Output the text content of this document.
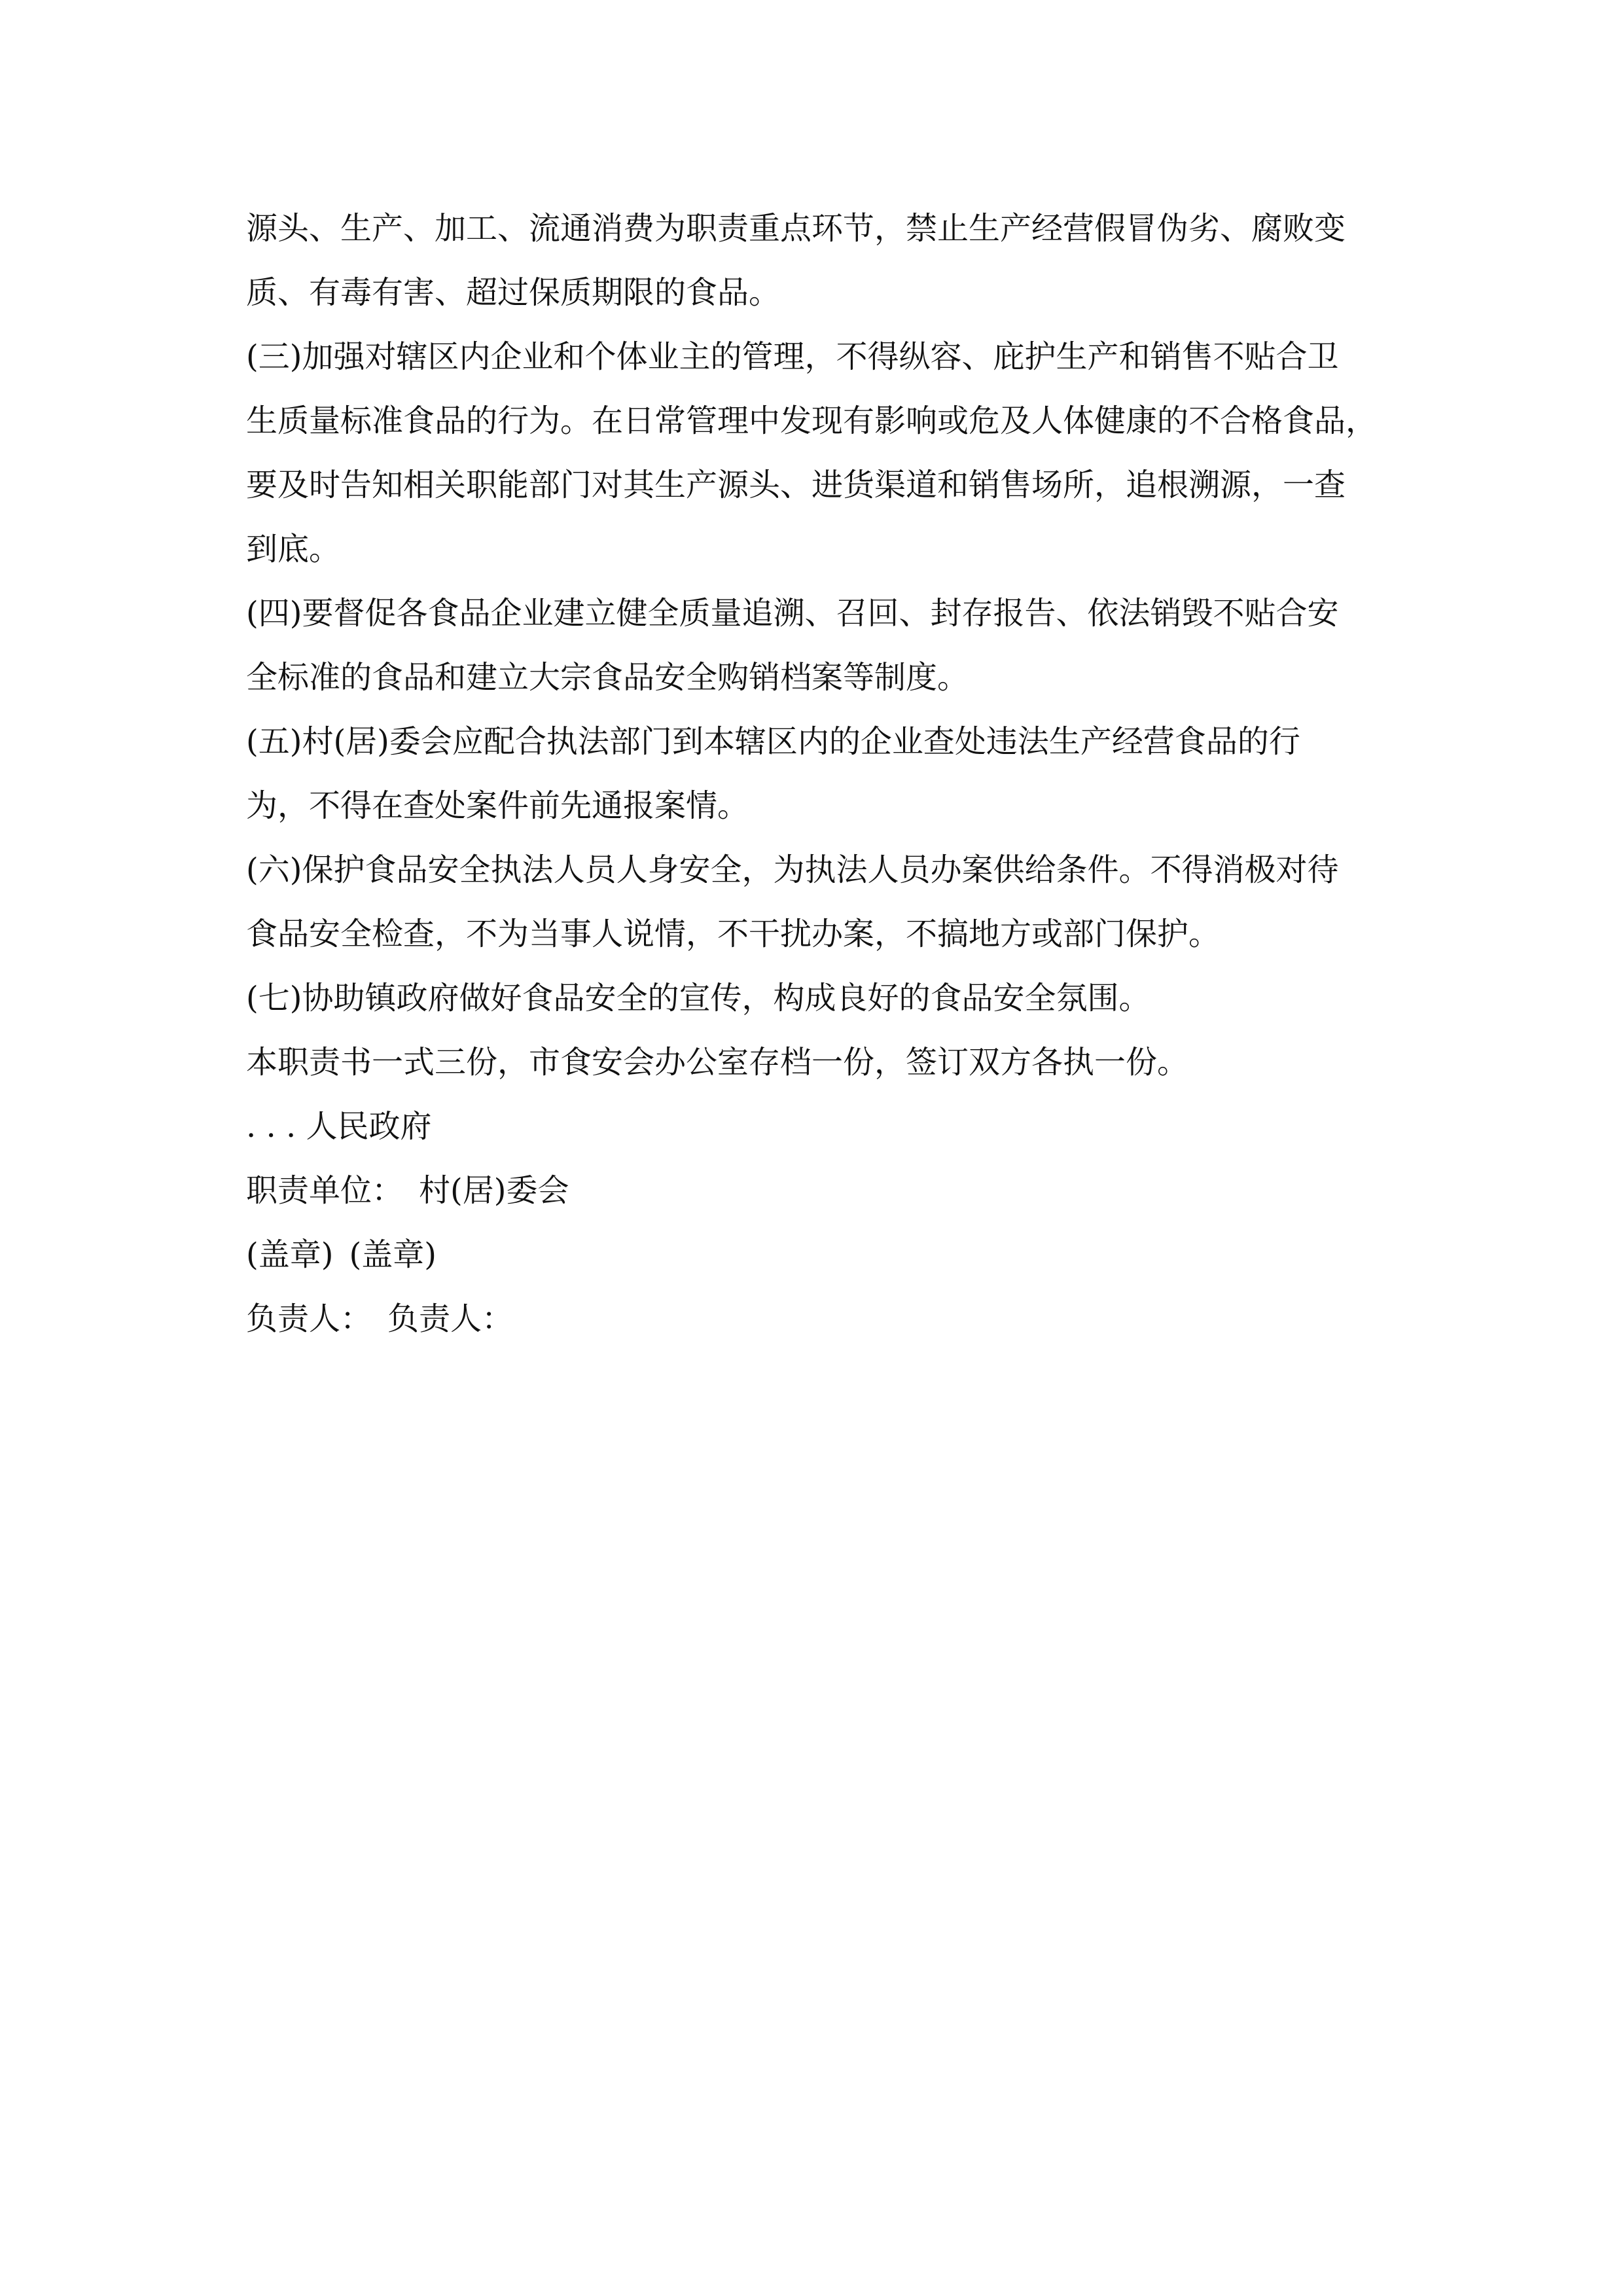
源头、生产、加工、流通消费为职责重点环节，禁止生产经营假冒伪劣、腐败变
质、有毒有害、超过保质期限的食品。
(三)加强对辖区内企业和个体业主的管理，不得纵容、庇护生产和销售不贴合卫
生质量标准食品的行为。在日常管理中发现有影响或危及人体健康的不合格食品，
要及时告知相关职能部门对其生产源头、进货渠道和销售场所，追根溯源，一查
到底。
(四)要督促各食品企业建立健全质量追溯、召回、封存报告、依法销毁不贴合安
全标准的食品和建立大宗食品安全购销档案等制度。
(五)村(居)委会应配合执法部门到本辖区内的企业查处违法生产经营食品的行
为，不得在查处案件前先通报案情。
(六)保护食品安全执法人员人身安全，为执法人员办案供给条件。不得消极对待
食品安全检查，不为当事人说情，不干扰办案，不搞地方或部门保护。
(七)协助镇政府做好食品安全的宣传，构成良好的食品安全氛围。
本职责书一式三份，市食安会办公室存档一份，签订双方各执一份。
. . . 人民政府
职责单位： 村(居)委会
(盖章) (盖章)
负责人： 负责人：
